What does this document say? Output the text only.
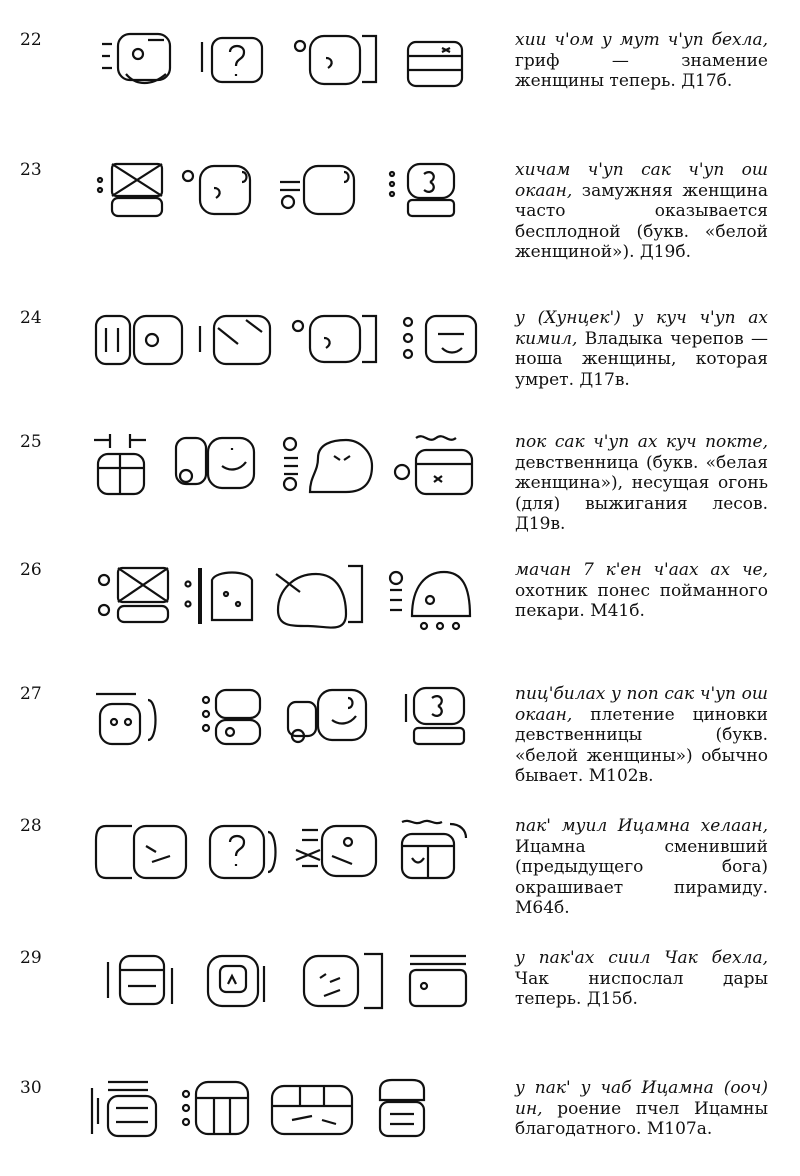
22	хии ч'ом у мут ч'уп бехла, гриф — знамение женщины теперь. Д17б.
23	хичам ч'уп сак ч'уп ош окаан, замужняя женщина часто оказывается бесплодной (букв. «белой женщиной»). Д19б.
24	у (Хунцек') у куч ч'уп ах кимил, Владыка черепов — ноша женщины, которая умрет. Д17в.
25	пок сак ч'уп ах куч покте, девственница (букв. «белая женщина»), несущая огонь (для) выжигания лесов. Д19в.
26	мачан 7 к'ен ч'аах ах че, охотник понес пойманного пекари. М41б.
27	пиц'билах у поп сак ч'уп ош окаан, плетение циновки девственницы (букв. «белой женщины») обычно бывает. М102в.
28	пак' муил Ицамна хелаан, Ицамна сменивший (предыдущего бога) окрашивает пирамиду. М64б.
29	у пак'ах сиил Чак бехла, Чак ниспослал дары теперь. Д15б.
30	у пак' у чаб Ицамна (ооч) ин, роение пчел Ицамны благодатного. М107а.
